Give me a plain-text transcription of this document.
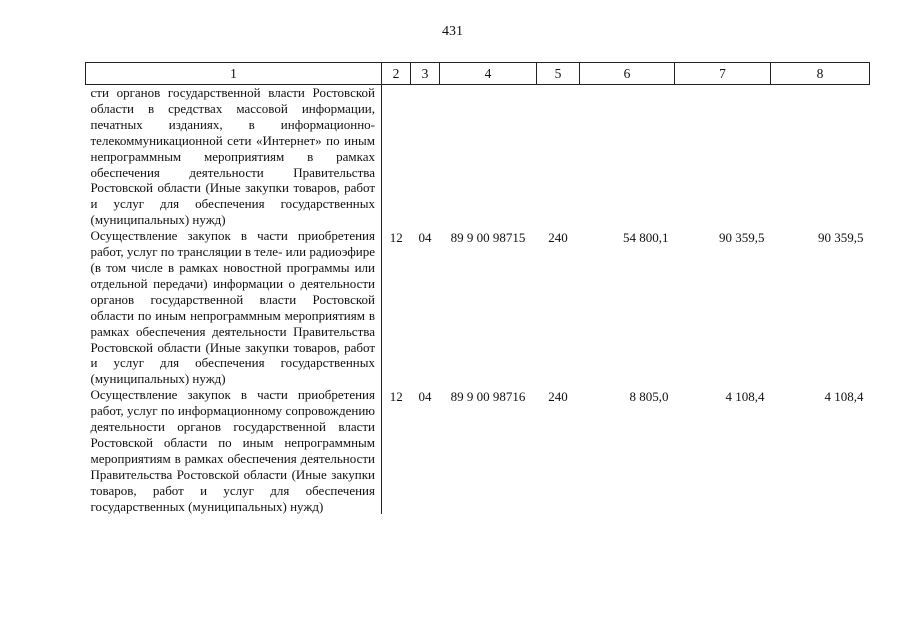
431
1	2	3	4	5	6	7	8
сти органов государственной власти Ростовской области в средствах массовой информации, печатных изданиях, в информационно-телекоммуникационной сети «Интернет» по иным непрограммным мероприятиям в рамках обеспечения деятельности Правительства Ростовской области (Иные закупки товаров, работ и услуг для обеспечения государственных (муниципальных) нужд)							
Осуществление закупок в части приобретения работ, услуг по трансляции в теле- или радиоэфире (в том числе в рамках новостной программы или отдельной передачи) информации о деятельности органов государственной власти Ростовской области по иным непрограммным мероприятиям в рамках обеспечения деятельности Правительства Ростовской области (Иные закупки товаров, работ и услуг для обеспечения государственных (муниципальных) нужд)	12	04	89 9 00 98715	240	54 800,1	90 359,5	90 359,5
Осуществление закупок в части приобретения работ, услуг по информационному сопровождению деятельности органов государственной власти Ростовской области по иным непрограммным мероприятиям в рамках обеспечения деятельности Правительства Ростовской области (Иные закупки товаров, работ и услуг для обеспечения государственных (муниципальных) нужд)	12	04	89 9 00 98716	240	8 805,0	4 108,4	4 108,4
